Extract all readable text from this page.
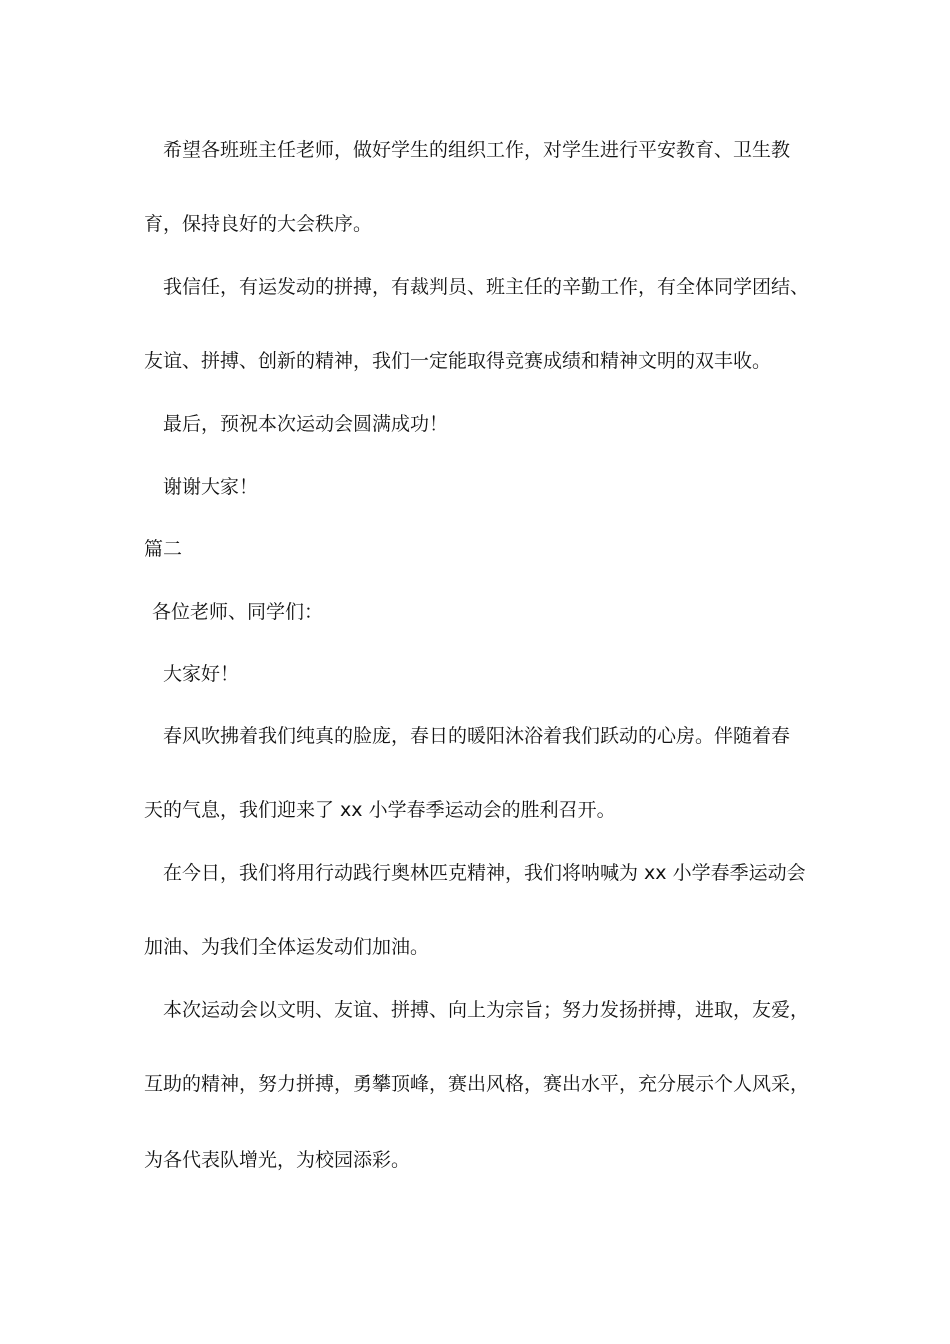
希望各班班主任老师，做好学生的组织工作，对学生进行平安教育、卫生教
育，保持良好的大会秩序。
我信任，有运发动的拼搏，有裁判员、班主任的辛勤工作，有全体同学团结、
友谊、拼搏、创新的精神，我们一定能取得竞赛成绩和精神文明的双丰收。
最后，预祝本次运动会圆满成功！
谢谢大家！
篇二
各位老师、同学们：
大家好！
春风吹拂着我们纯真的脸庞，春日的暖阳沐浴着我们跃动的心房。伴随着春
天的气息，我们迎来了 xx 小学春季运动会的胜利召开。
在今日，我们将用行动践行奥林匹克精神，我们将呐喊为 xx 小学春季运动会
加油、为我们全体运发动们加油。
本次运动会以文明、友谊、拼搏、向上为宗旨；努力发扬拼搏，进取，友爱，
互助的精神，努力拼搏，勇攀顶峰，赛出风格，赛出水平，充分展示个人风采，
为各代表队增光，为校园添彩。
